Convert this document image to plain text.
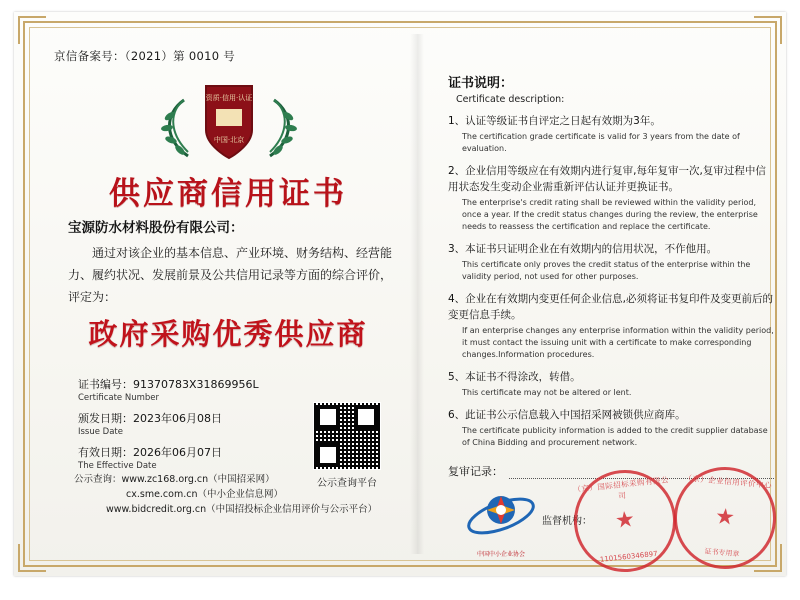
京信备案号：（2021）第 0010 号
资质·信用·认证
中国·北京
供应商信用证书
宝源防水材料股份有限公司：
通过对该企业的基本信息、产业环境、财务结构、经营能力、履约状况、发展前景及公共信用记录等方面的综合评价，评定为：
政府采购优秀供应商
证书编号：91370783X31869956L
Certificate Number
颁发日期：2023年06月08日
Issue Date
有效日期：2026年06月07日
The Effective Date
公示查询平台
公示查询：www.zc168.org.cn（中国招采网）
cx.sme.com.cn（中小企业信息网）
www.bidcredit.org.cn（中国招投标企业信用评价与公示平台）
证书说明：
Certificate description:
1、认证等级证书自评定之日起有效期为3年。
The certification grade certificate is valid for 3 years from the date of evaluation.
2、企业信用等级应在有效期内进行复审,每年复审一次,复审过程中信用状态发生变动企业需重新评估认证并更换证书。
The enterprise's credit rating shall be reviewed within the validity period, once a year. If the credit status changes during the review, the enterprise needs to reassess the certification and replace the certificate.
3、本证书只证明企业在有效期内的信用状况，不作他用。
This certificate only proves the credit status of the enterprise within the validity period, not used for other purposes.
4、企业在有效期内变更任何企业信息,必须将证书复印件及变更前后的变更信息手续。
If an enterprise changes any enterprise information within the validity period, it must contact the issuing unit with a certificate to make corresponding changes.Information procedures.
5、本证书不得涂改，转借。
This certificate may not be altered or lent.
6、此证书公示信息载入中国招采网被锁供应商库。
The certificate publicity information is added to the credit supplier database of China Bidding and procurement network.
复审记录：
中国中小企业协会
监督机构：
（京）国际招标采购有限公司
★
1101560346897
（京）企业信用评价中心
★
证书专用章
